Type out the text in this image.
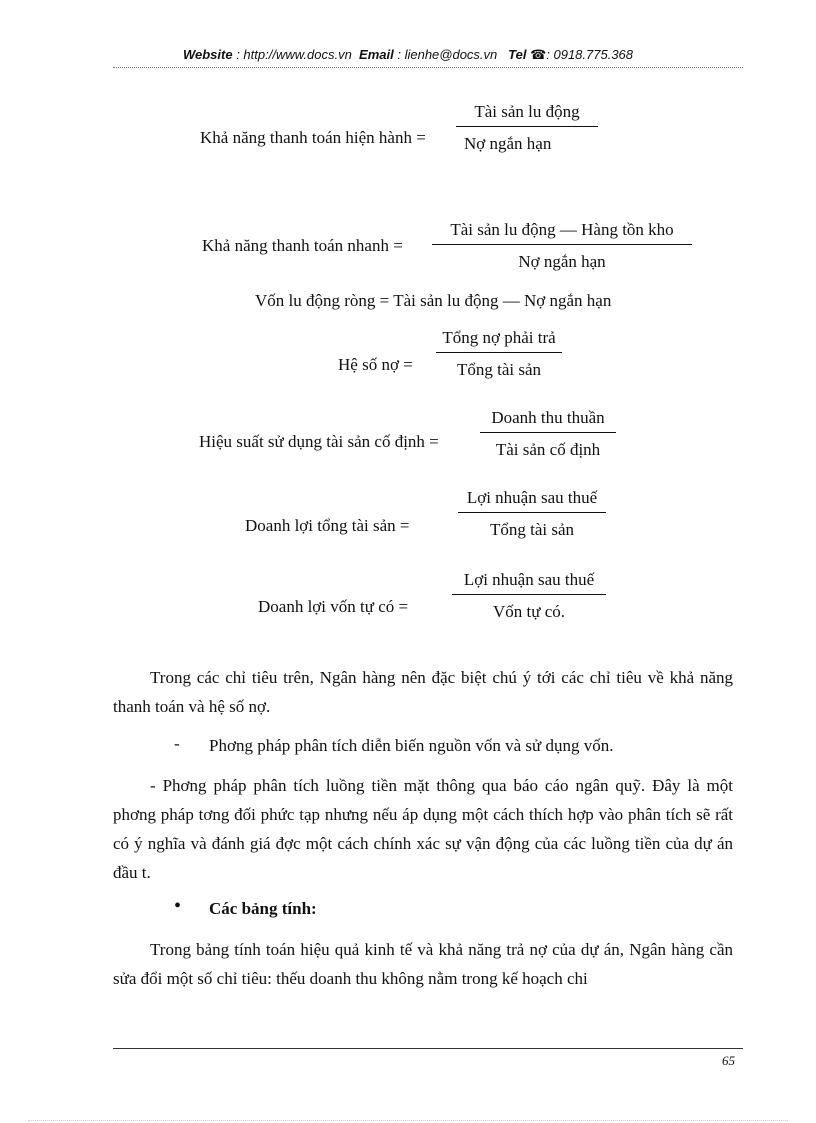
Website : http://www.docs.vn Email : lienhe@docs.vn Tel ☎: 0918.775.368
Khả năng thanh toán hiện hành =
Tài sản lu động
Nợ ngắn hạn
Khả năng thanh toán nhanh =
Tài sản lu động — Hàng tồn kho
Nợ ngắn hạn
Vốn lu động ròng = Tài sản lu động — Nợ ngắn hạn
Hệ số nợ =
Tổng nợ phải trả
Tổng tài sản
Hiệu suất sử dụng tài sản cố định =
Doanh thu thuần
Tài sản cố định
Doanh lợi tổng tài sản =
Lợi nhuận sau thuế
Tổng tài sản
Doanh lợi vốn tự có =
Lợi nhuận sau thuế
Vốn tự có.
Trong các chỉ tiêu trên, Ngân hàng nên đặc biệt chú ý tới các chỉ tiêu về khả năng thanh toán và hệ số nợ.
- Phơng pháp phân tích diễn biến nguồn vốn và sử dụng vốn.
- Phơng pháp phân tích luồng tiền mặt thông qua báo cáo ngân quỹ. Đây là một phơng pháp tơng đối phức tạp nhưng nếu áp dụng một cách thích hợp vào phân tích sẽ rất có ý nghĩa và đánh giá đợc một cách chính xác sự vận động của các luồng tiền của dự án đầu t.
• Các bảng tính:
Trong bảng tính toán hiệu quả kinh tế và khả năng trả nợ của dự án, Ngân hàng cần sửa đổi một số chỉ tiêu: thếu doanh thu không nằm trong kế hoạch chi
65
